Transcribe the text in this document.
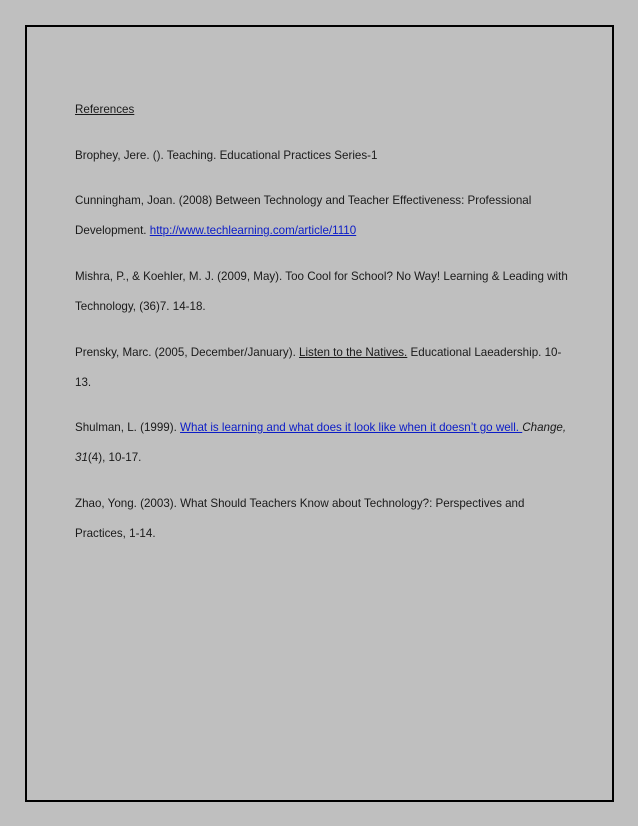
References
Brophey, Jere. (). Teaching. Educational Practices Series-1
Cunningham, Joan. (2008) Between Technology and Teacher Effectiveness: Professional
Development. http://www.techlearning.com/article/1110
Mishra, P., & Koehler, M. J. (2009, May). Too Cool for School? No Way! Learning & Leading with
Technology, (36)7. 14-18.
Prensky, Marc. (2005, December/January). Listen to the Natives. Educational Laeadership. 10-
13.
Shulman, L. (1999). What is learning and what does it look like when it doesn’t go well. Change,
31(4), 10-17.
Zhao, Yong. (2003). What Should Teachers Know about Technology?: Perspectives and
Practices, 1-14.
